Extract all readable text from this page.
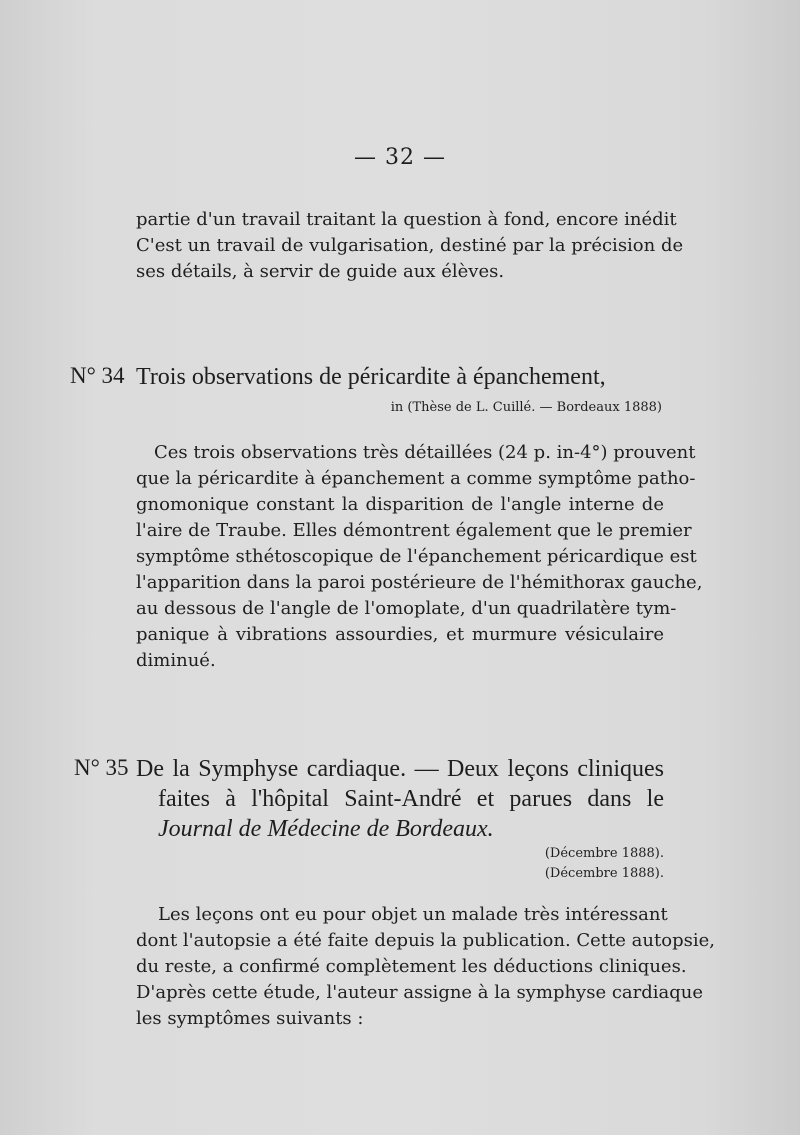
— 32 —

partie d'un travail traitant la question à fond, encore inédit
C'est un travail de vulgarisation, destiné par la précision de
ses détails, à servir de guide aux élèves.

N° 34 Trois observations de péricardite à épanchement,
in (Thèse de L. Cuillé. — Bordeaux 1888)

Ces trois observations très détaillées (24 p. in-4°) prouvent
que la péricardite à épanchement a comme symptôme patho-
gnomonique constant la disparition de l'angle interne de
l'aire de Traube. Elles démontrent également que le premier
symptôme sthétoscopique de l'épanchement péricardique est
l'apparition dans la paroi postérieure de l'hémithorax gauche,
au dessous de l'angle de l'omoplate, d'un quadrilatère tym-
panique à vibrations assourdies, et murmure vésiculaire
diminué.

N° 35 De la Symphyse cardiaque. — Deux leçons cliniques
faites à l'hôpital Saint-André et parues dans le
Journal de Médecine de Bordeaux.
(Décembre 1888).
(Décembre 1888).

Les leçons ont eu pour objet un malade très intéressant
dont l'autopsie a été faite depuis la publication. Cette autopsie,
du reste, a confirmé complètement les déductions cliniques.
D'après cette étude, l'auteur assigne à la symphyse cardiaque
les symptômes suivants :
